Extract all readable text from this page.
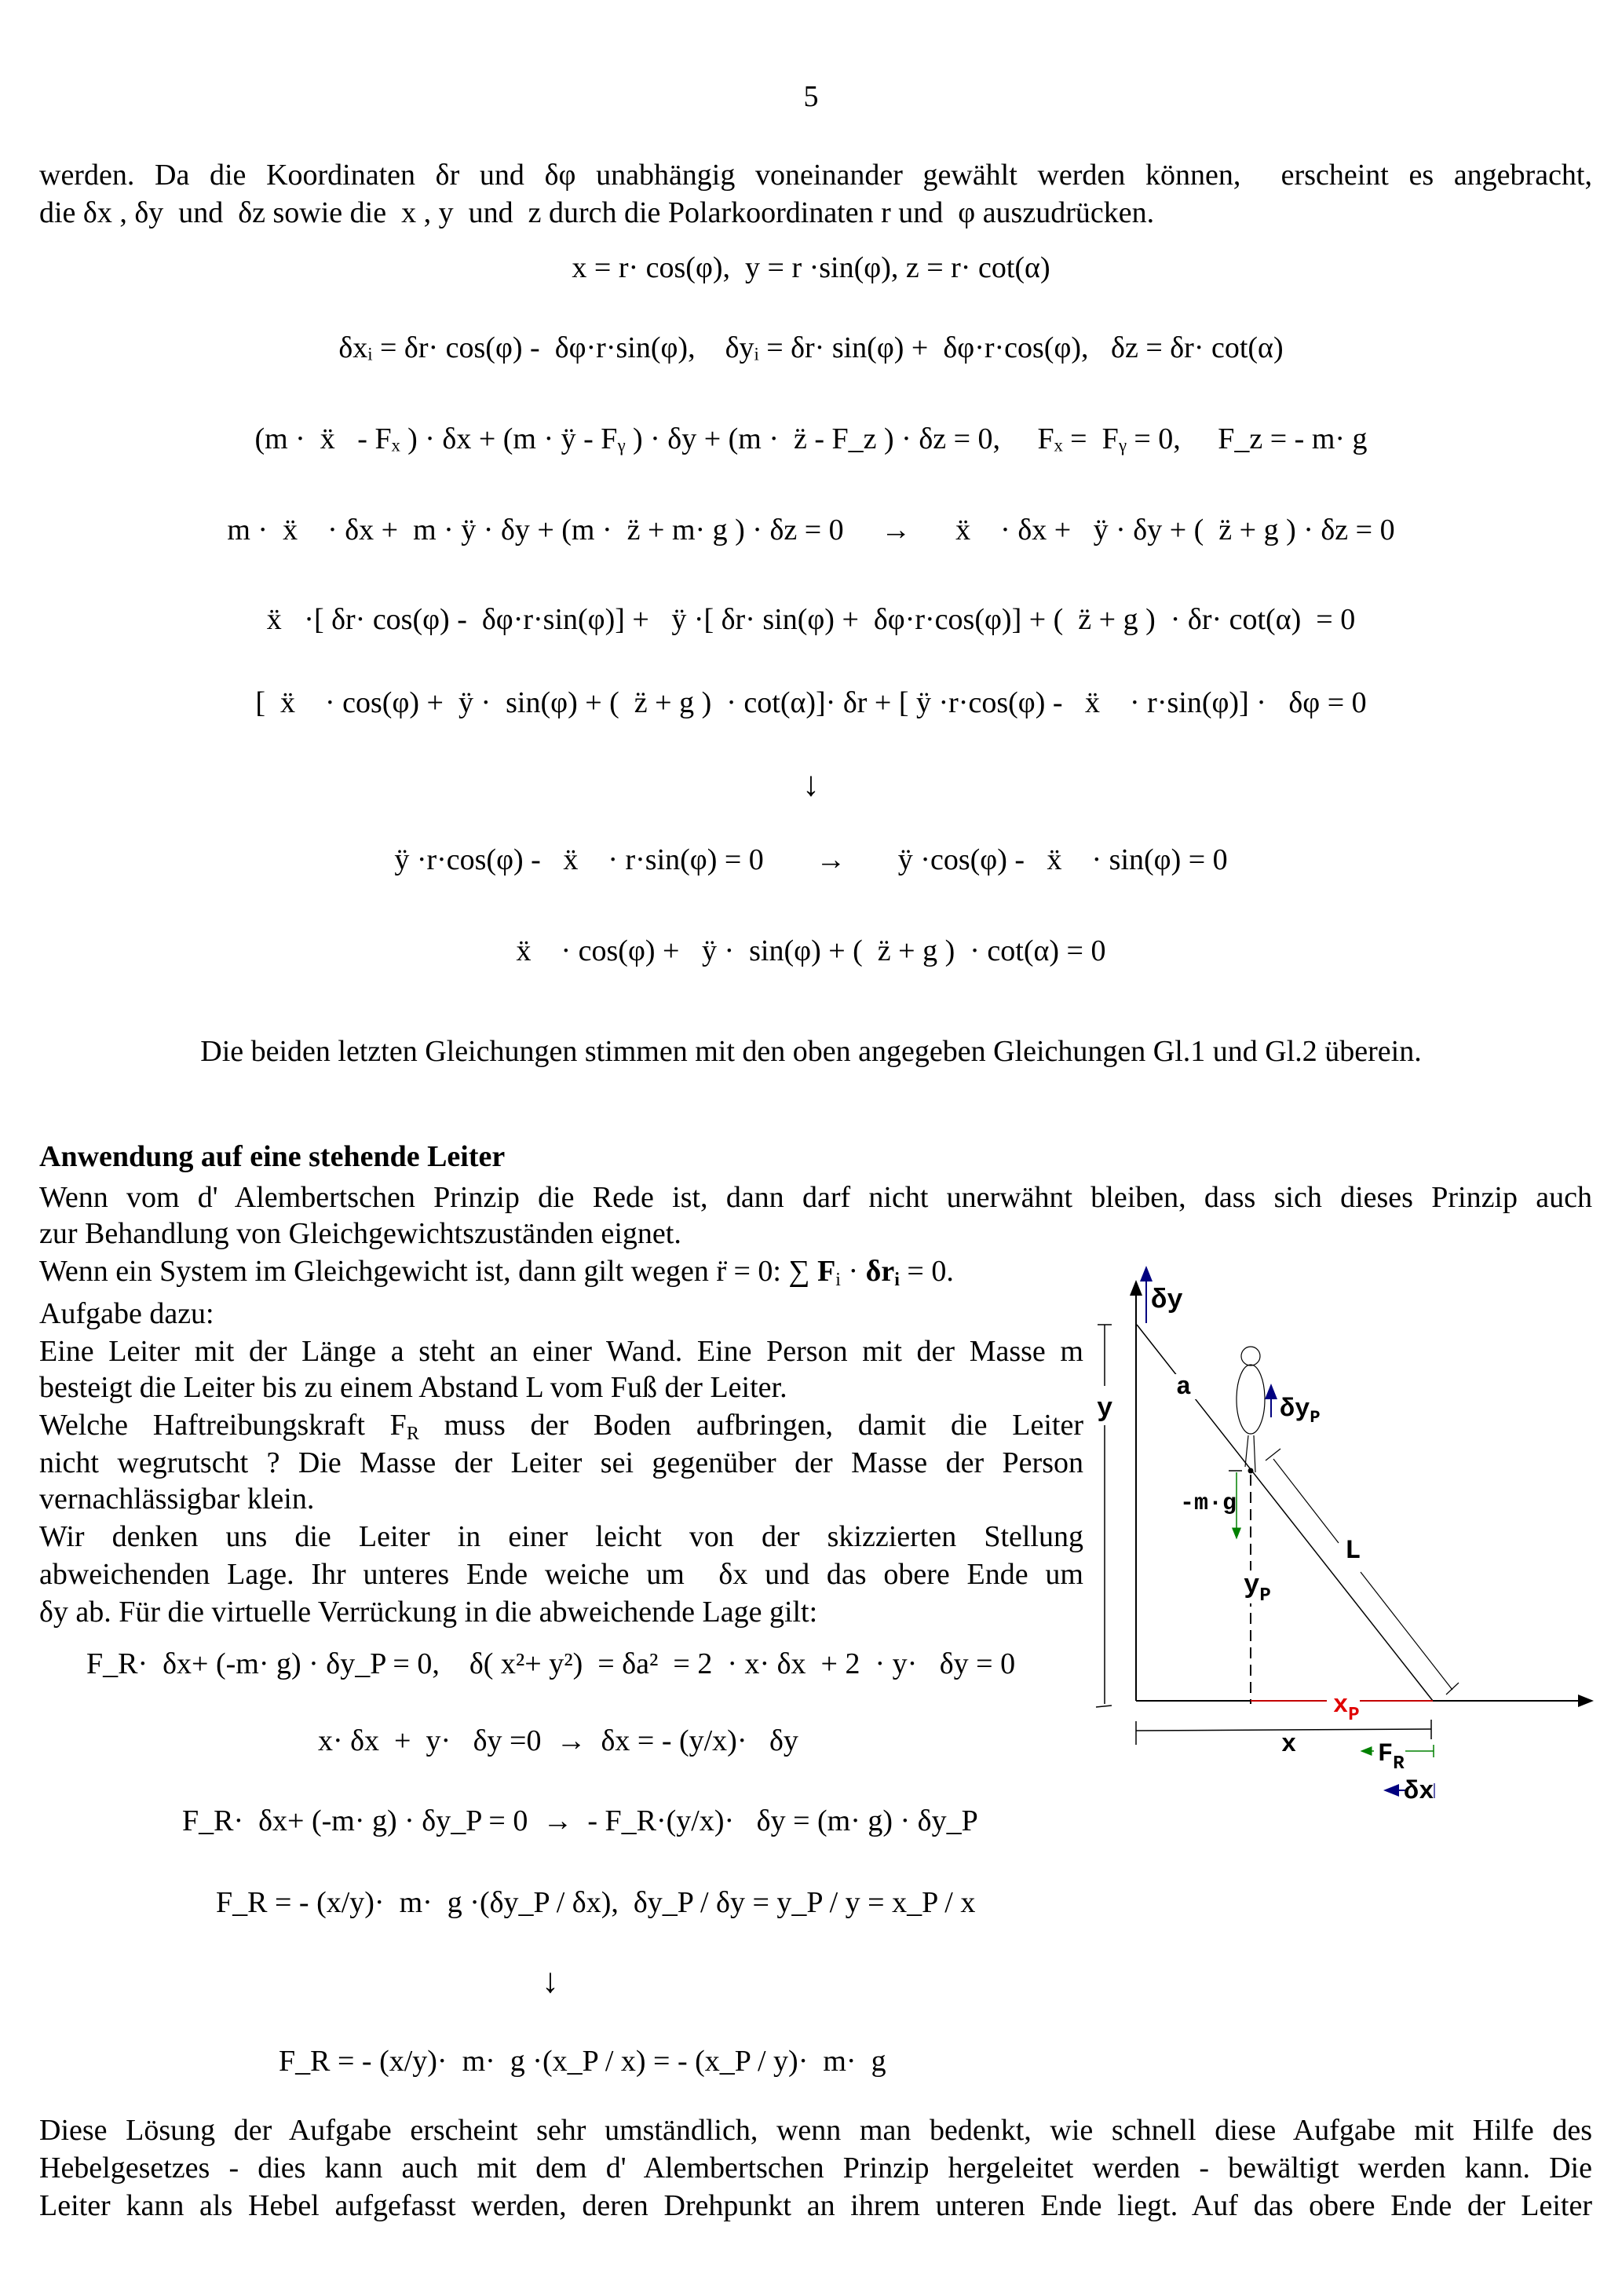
5
werden. Da die Koordinaten δr und δφ unabhängig voneinander gewählt werden können,  erscheint es angebracht,
die δx , δy  und  δz sowie die  x , y  und  z durch die Polarkoordinaten r und  φ auszudrücken.
x = r· cos(φ),  y = r ·sin(φ), z = r· cot(α)
δxᵢ = δr· cos(φ) -  δφ·r·sin(φ),    δyᵢ = δr· sin(φ) +  δφ·r·cos(φ),   δz = δr· cot(α)
(m ·  ẍ   - Fₓ ) · δx + (m · ÿ - Fᵧ ) · δy + (m ·  z̈ - F_z ) · δz = 0,     Fₓ =  Fᵧ = 0,     F_z = - m· g
m ·  ẍ    · δx +  m · ÿ · δy + (m ·  z̈ + m· g ) · δz = 0     →      ẍ    · δx +   ÿ · δy + (  z̈ + g ) · δz = 0
ẍ   ·[ δr· cos(φ) -  δφ·r·sin(φ)] +   ÿ ·[ δr· sin(φ) +  δφ·r·cos(φ)] + (  z̈ + g )  · δr· cot(α)  = 0
[  ẍ    · cos(φ) +  ÿ ·  sin(φ) + (  z̈ + g )  · cot(α)]· δr + [ ÿ ·r·cos(φ) -   ẍ    · r·sin(φ)] ·   δφ = 0
↓
ÿ ·r·cos(φ) -   ẍ    · r·sin(φ) = 0       →       ÿ ·cos(φ) -   ẍ    · sin(φ) = 0
ẍ    · cos(φ) +   ÿ ·  sin(φ) + (  z̈ + g )  · cot(α) = 0
Die beiden letzten Gleichungen stimmen mit den oben angegeben Gleichungen Gl.1 und Gl.2 überein.
Anwendung auf eine stehende Leiter
Wenn vom d' Alembertschen Prinzip die Rede ist, dann darf nicht unerwähnt bleiben, dass sich dieses Prinzip auch
zur Behandlung von Gleichgewichtszuständen eignet.
Wenn ein System im Gleichgewicht ist, dann gilt wegen r̈ = 0: ∑ $F_i \cdot \delta r_i = 0$.
Aufgabe dazu:
Eine Leiter mit der Länge a steht an einer Wand. Eine Person mit der Masse m
besteigt die Leiter bis zu einem Abstand L vom Fuß der Leiter.
Welche Haftreibungskraft $F_R$ muss der Boden aufbringen, damit die Leiter
nicht wegrutscht ? Die Masse der Leiter sei gegenüber der Masse der Person
vernachlässigbar klein.
Wir denken uns die Leiter in einer leicht von der skizzierten Stellung
abweichenden Lage. Ihr unteres Ende weiche um  δx und das obere Ende um
δy ab. Für die virtuelle Verrückung in die abweichende Lage gilt:
F_R·  δx+ (-m· g) · δy_P = 0,    δ( x²+ y²)  = δa²  = 2  · x· δx  + 2  · y·   δy = 0
x· δx  +  y·   δy =0  →  δx = - (y/x)·   δy
F_R·  δx+ (-m· g) · δy_P = 0  →  - F_R·(y/x)·   δy = (m· g) · δy_P
F_R = - (x/y)·  m·  g ·(δy_P / δx),  δy_P / δy = y_P / y = x_P / x
↓
F_R = - (x/y)·  m·  g ·(x_P / x) = - (x_P / y)·  m·  g
Diese Lösung der Aufgabe erscheint sehr umständlich, wenn man bedenkt, wie schnell diese Aufgabe mit Hilfe des
Hebelgesetzes - dies kann auch mit dem d' Alembertschen Prinzip hergeleitet werden - bewältigt werden kann. Die
Leiter kann als Hebel aufgefasst werden, deren Drehpunkt an ihrem unteren Ende liegt. Auf das obere Ende der Leiter
δy
y
a
L
$\delta y_P$
-m·g
$y_P$
$x_P$
x	$F_R$
δx
